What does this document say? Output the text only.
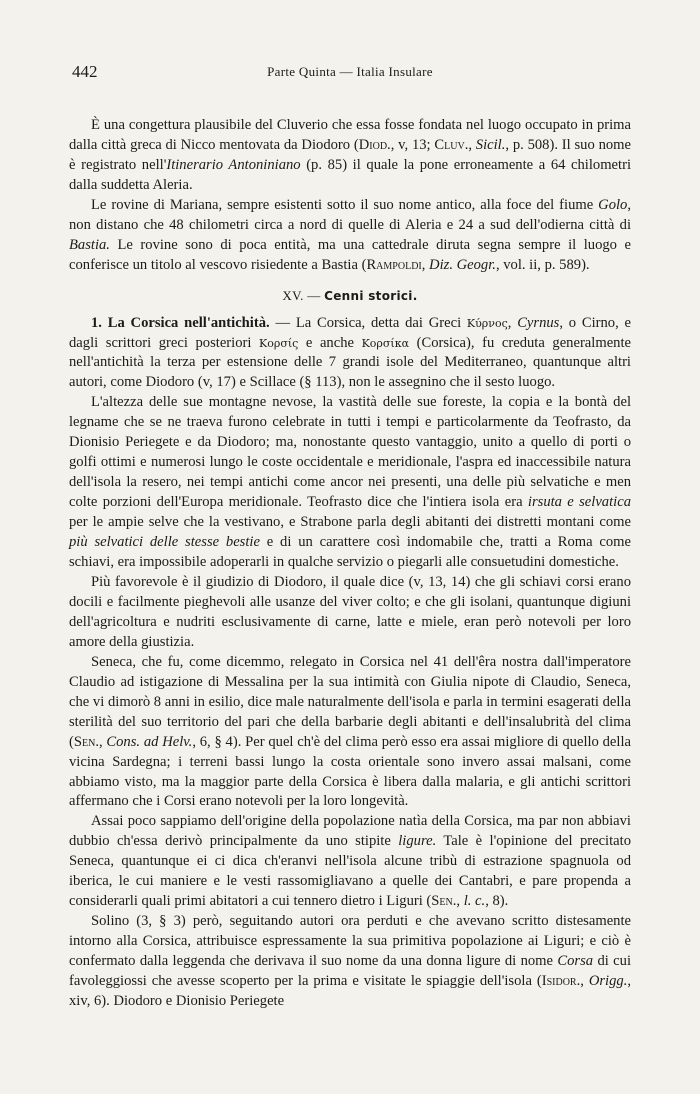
442	Parte Quinta — Italia Insulare

È una congettura plausibile del Cluverio che essa fosse fondata nel luogo occupato in prima dalla città greca di Nicco mentovata da Diodoro (Diod., v, 13; Cluv., Sicil., p. 508). Il suo nome è registrato nell'Itinerario Antoniniano (p. 85) il quale la pone erroneamente a 64 chilometri dalla suddetta Aleria.

Le rovine di Mariana, sempre esistenti sotto il suo nome antico, alla foce del fiume Golo, non distano che 48 chilometri circa a nord di quelle di Aleria e 24 a sud dell'odierna città di Bastia. Le rovine sono di poca entità, ma una cattedrale diruta segna sempre il luogo e conferisce un titolo al vescovo risiedente a Bastia (Rampoldi, Diz. Geogr., vol. ii, p. 589).

XV. — Cenni storici.

1. La Corsica nell'antichità. — La Corsica, detta dai Greci Κύρνος, Cyrnus, o Cirno, e dagli scrittori greci posteriori Κορσίς e anche Κορσίκα (Corsica), fu creduta generalmente nell'antichità la terza per estensione delle 7 grandi isole del Mediterraneo, quantunque altri autori, come Diodoro (v, 17) e Scillace (§ 113), non le assegnino che il sesto luogo.

L'altezza delle sue montagne nevose, la vastità delle sue foreste, la copia e la bontà del legname che se ne traeva furono celebrate in tutti i tempi e particolarmente da Teofrasto, da Dionisio Periegete e da Diodoro; ma, nonostante questo vantaggio, unito a quello di porti o golfi ottimi e numerosi lungo le coste occidentale e meridionale, l'aspra ed inaccessibile natura dell'isola la resero, nei tempi antichi come ancor nei presenti, una delle più selvatiche e men colte porzioni dell'Europa meridionale. Teofrasto dice che l'intiera isola era irsuta e selvatica per le ampie selve che la vestivano, e Strabone parla degli abitanti dei distretti montani come più selvatici delle stesse bestie e di un carattere così indomabile che, tratti a Roma come schiavi, era impossibile adoperarli in qualche servizio o piegarli alle consuetudini domestiche.

Più favorevole è il giudizio di Diodoro, il quale dice (v, 13, 14) che gli schiavi corsi erano docili e facilmente pieghevoli alle usanze del viver colto; e che gli isolani, quantunque digiuni dell'agricoltura e nudriti esclusivamente di carne, latte e miele, eran però notevoli per loro amore della giustizia.

Seneca, che fu, come dicemmo, relegato in Corsica nel 41 dell'êra nostra dall'imperatore Claudio ad istigazione di Messalina per la sua intimità con Giulia nipote di Claudio, Seneca, che vi dimorò 8 anni in esilio, dice male naturalmente dell'isola e parla in termini esagerati della sterilità del suo territorio del pari che della barbarie degli abitanti e dell'insalubrità del clima (Sen., Cons. ad Helv., 6, § 4). Per quel ch'è del clima però esso era assai migliore di quello della vicina Sardegna; i terreni bassi lungo la costa orientale sono invero assai malsani, come abbiamo visto, ma la maggior parte della Corsica è libera dalla malaria, e gli antichi scrittori affermano che i Corsi erano notevoli per la loro longevità.

Assai poco sappiamo dell'origine della popolazione natìa della Corsica, ma par non abbiavi dubbio ch'essa derivò principalmente da uno stipite ligure. Tale è l'opinione del precitato Seneca, quantunque ei ci dica ch'eranvi nell'isola alcune tribù di estrazione spagnuola od iberica, le cui maniere e le vesti rassomigliavano a quelle dei Cantabri, e pare propenda a considerarli quali primi abitatori a cui tennero dietro i Liguri (Sen., l. c., 8).

Solino (3, § 3) però, seguitando autori ora perduti e che avevano scritto distesamente intorno alla Corsica, attribuisce espressamente la sua primitiva popolazione ai Liguri; e ciò è confermato dalla leggenda che derivava il suo nome da una donna ligure di nome Corsa di cui favoleggiossi che avesse scoperto per la prima e visitate le spiaggie dell'isola (Isidor., Origg., xiv, 6). Diodoro e Dionisio Periegete
